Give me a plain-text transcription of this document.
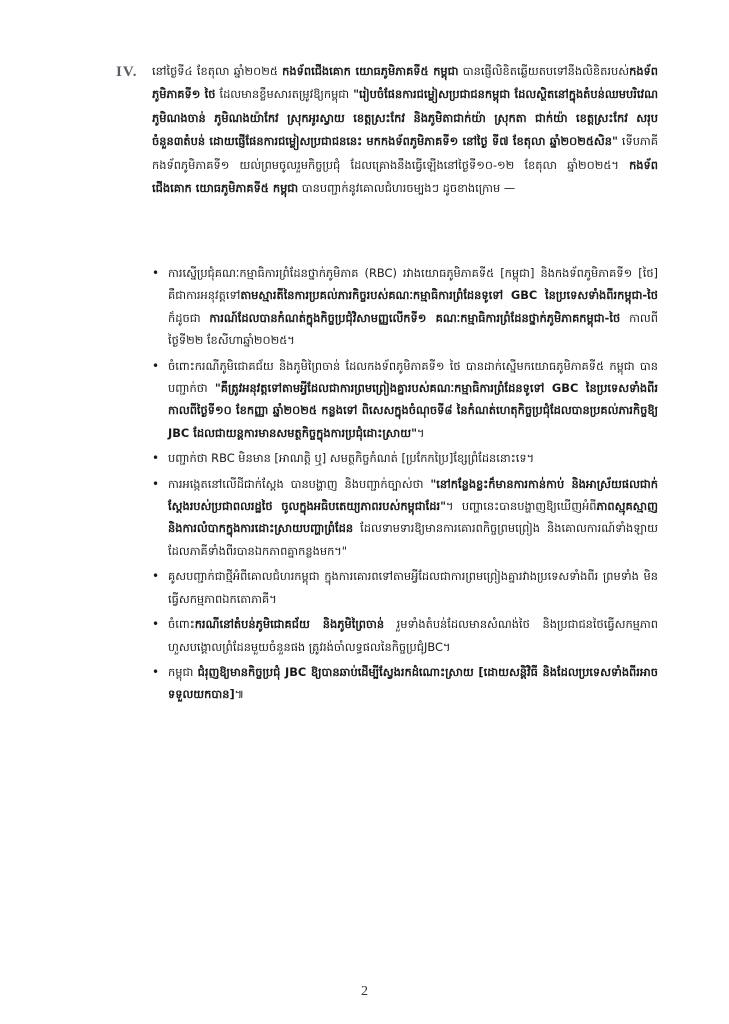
IV. នៅថ្ងៃទី៤ ខែតុលា ឆ្នាំ២០២៥ កងទ័ពជើងគោក យោធភូមិភាគទី៥ កម្ពុជា បានផ្ញើលិខិតឆ្លើយតបទៅនឹងលិខិតរបស់កងទ័ពភូមិភាគទី១ ថៃ ដែលមានខ្លឹមសារតម្រូវឱ្យកម្ពុជា "រៀបចំផែនការជម្លៀសប្រជាជនកម្ពុជា ដែលស្ថិតនៅក្នុងតំបន់ឈមបរិវេណភូមិណងចាន់ ភូមិណងយ៉ាកែវ ស្រុកអូរស្វាយ ខេត្តស្រះកែវ និងភូមិតាជាក់យ៉ា ស្រុកតា ជាក់យ៉ា ខេត្តស្រះកែវ សរុបចំនួន៣តំបន់ ដោយផ្ញើផែនការជម្លៀសប្រជាជននេះ មកកងទ័ពភូមិភាគទី១ នៅថ្ងៃ ទី៧ ខែតុលា ឆ្នាំ២០២៥សិន" ទើបភាគីកងទ័ពភូមិភាគទី១ យល់ព្រមចូលរួមកិច្ចប្រជុំ ដែលគ្រោងនឹងធ្វើឡើងនៅថ្ងៃទី១០-១២ ខែតុលា ឆ្នាំ២០២៥។ កងទ័ពជើងគោក យោធភូមិភាគទី៥ កម្ពុជា បានបញ្ជាក់នូវគោលជំហរចម្បងៗ ដូចខាងក្រោម —
• ការស្នើប្រជុំគណៈកម្មាធិការព្រំដែនថ្នាក់ភូមិភាគ (RBC) រវាងយោធភូមិភាគទី៥ [កម្ពុជា] និងកងទ័ពភូមិភាគទី១ [ថៃ] គឺជាការអនុវត្តទៅតាមស្មារតីនៃការប្រគល់ភារកិច្ចរបស់គណៈកម្មាធិការព្រំដែនទូទៅ GBC នៃប្រទេសទាំងពីរកម្ពុជា-ថៃ ក៏ដូចជា ការណ៍ដែលបានកំណត់ក្នុងកិច្ចប្រជុំវិសាមញ្ញលើកទី១ គណៈកម្មាធិការព្រំដែនថ្នាក់ភូមិភាគកម្ពុជា-ថៃ កាលពីថ្ងៃទី២២ ខែសីហាឆ្នាំ២០២៥។
• ចំពោះករណីភូមិជោគជ័យ និងភូមិព្រៃចាន់ ដែលកងទ័ពភូមិភាគទី១ ថៃ បានដាក់ស្នើមកយោធភូមិភាគទី៥ កម្ពុជា បានបញ្ជាក់ថា "គឺត្រូវអនុវត្តទៅតាមអ្វីដែលជាការព្រមព្រៀងគ្នារបស់គណៈកម្មាធិការព្រំដែនទូទៅ GBC នៃប្រទេសទាំងពីរ កាលពីថ្ងៃទី១០ ខែកញ្ញា ឆ្នាំ២០២៥ កន្លងទៅ ពិសេសក្នុងចំណុចទី៨ នៃកំណត់ហេតុកិច្ចប្រជុំដែលបានប្រគល់ភារកិច្ចឱ្យ JBC ដែលជាយន្តការមានសមត្ថកិច្ចក្នុងការប្រជុំដោះស្រាយ"។
• បញ្ជាក់ថា RBC មិនមាន [អាណត្តិ ឬ] សមត្ថកិច្ចកំណត់ [ប្រកែកប្រៃ]ខ្សែព្រំដែននោះទេ។
• ការអង្កេតនៅលើដីជាក់ស្តែង បានបង្ហាញ និងបញ្ជាក់ច្បាស់ថា "នៅកន្លែងខ្លះក៏មានការកាន់កាប់ និងអាស្រ័យផលជាក់ស្តែងរបស់ប្រជាពលរដ្ឋថៃ ចូលក្នុងអធិបតេយ្យភាពរបស់កម្ពុជាដែរ"។ បញ្ហានេះបានបង្ហាញឱ្យឃើញអំពីភាពស្មុគស្មាញ និងការលំបាកក្នុងការដោះស្រាយបញ្ហាព្រំដែន ដែលទាមទារឱ្យមានការគោរពកិច្ចព្រមព្រៀង និងគោលការណ៍ទាំងឡាយដែលភាគីទាំងពីរបានឯកភាពគ្នាកន្លងមក។"
• គូសបញ្ជាក់ជាថ្មីអំពីគោលជំហរកម្ពុជា ក្នុងការគោរពទៅតាមអ្វីដែលជាការព្រមព្រៀងគ្នារវាងប្រទេសទាំងពីរ ព្រមទាំង មិនធ្វើសកម្មភាពឯកតោភាគី។
• ចំពោះករណីនៅតំបន់ភូមិជោគជ័យ និងភូមិព្រៃចាន់ រួមទាំងតំបន់ដែលមានសំណង់ថៃ និងប្រជាជនថៃធ្វើសកម្មភាព ហួសបង្គោលព្រំដែនមួយចំនួនផង ត្រូវរង់ចាំលទ្ធផលនៃកិច្ចប្រជុំJBC។
• កម្ពុជា ជំរុញឱ្យមានកិច្ចប្រជុំ JBC ឱ្យបានឆាប់ដើម្បីស្វែងរកដំណោះស្រាយ [ដោយសន្តិវិធី និងដែលប្រទេសទាំងពីរអាចទទួលយកបាន]៕
2
